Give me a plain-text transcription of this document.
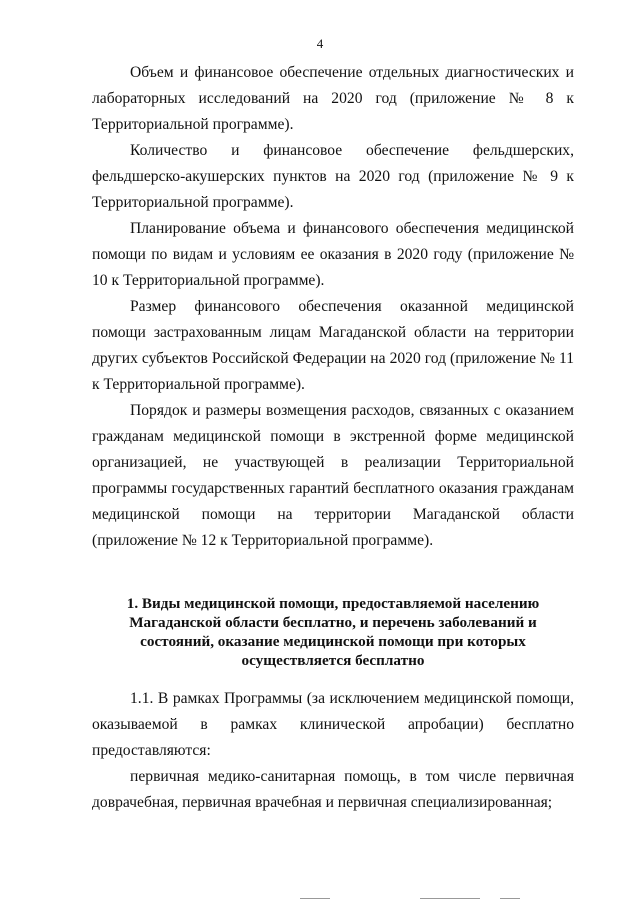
4

Объем и финансовое обеспечение отдельных диагностических и лабораторных исследований на 2020 год (приложение № 8 к Территориальной программе).

Количество и финансовое обеспечение фельдшерских, фельдшерско-акушерских пунктов на 2020 год (приложение № 9 к Территориальной программе).

Планирование объема и финансового обеспечения медицинской помощи по видам и условиям ее оказания в 2020 году (приложение № 10 к Территориальной программе).

Размер финансового обеспечения оказанной медицинской помощи застрахованным лицам Магаданской области на территории других субъектов Российской Федерации на 2020 год (приложение № 11 к Территориальной программе).

Порядок и размеры возмещения расходов, связанных с оказанием гражданам медицинской помощи в экстренной форме медицинской организацией, не участвующей в реализации Территориальной программы государственных гарантий бесплатного оказания гражданам медицинской помощи на территории Магаданской области (приложение № 12 к Территориальной программе).

1. Виды медицинской помощи, предоставляемой населению Магаданской области бесплатно, и перечень заболеваний и состояний, оказание медицинской помощи при которых осуществляется бесплатно

1.1. В рамках Программы (за исключением медицинской помощи, оказываемой в рамках клинической апробации) бесплатно предоставляются:

первичная медико-санитарная помощь, в том числе первичная доврачебная, первичная врачебная и первичная специализированная;
